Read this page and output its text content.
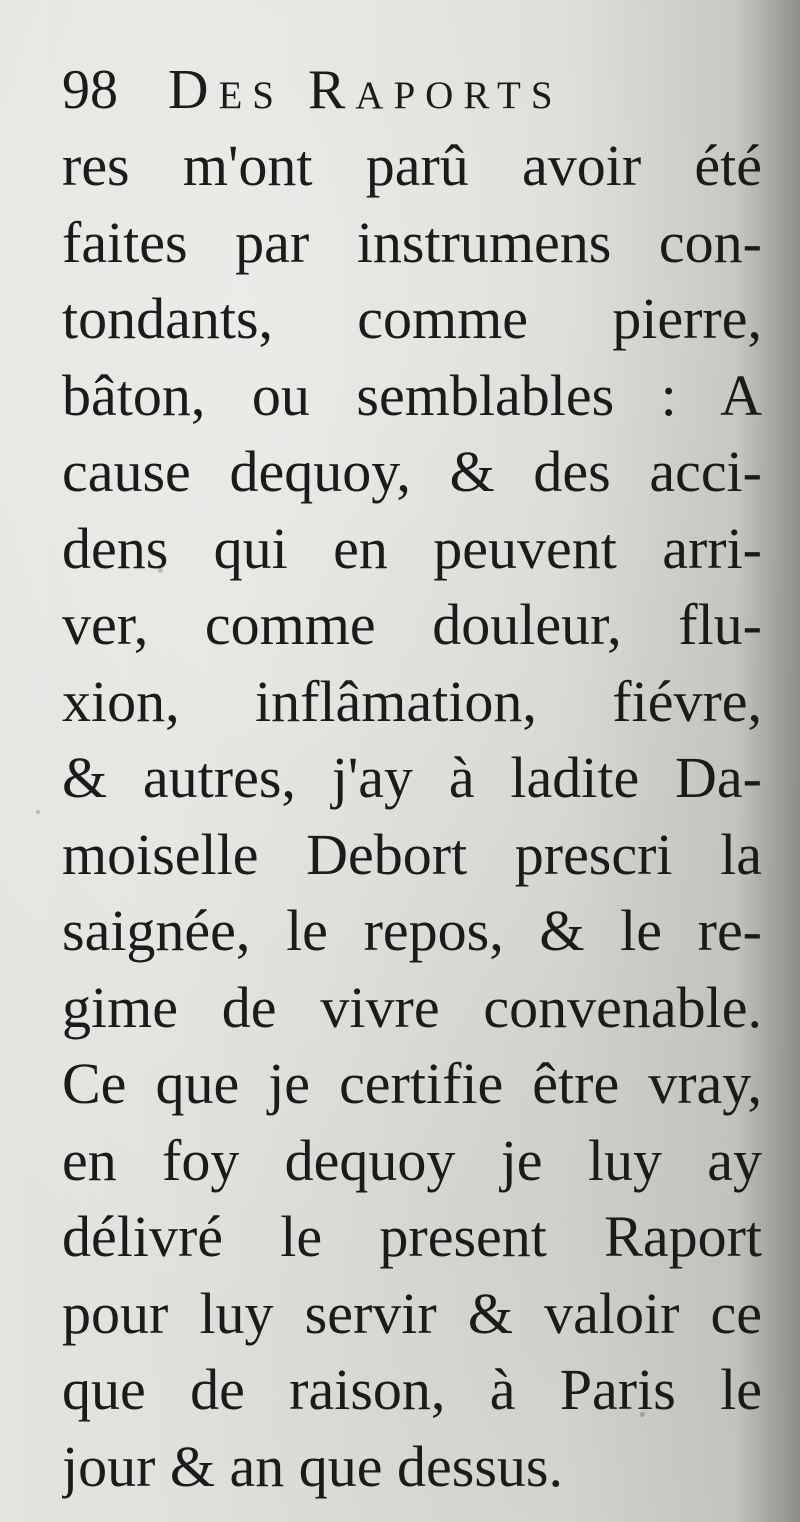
98 Des Raports
res m'ont parû avoir été
faites par instrumens con-
tondants, comme pierre,
bâton, ou semblables : A
cause dequoy, & des acci-
dens qui en peuvent arri-
ver, comme douleur, flu-
xion, inflâmation, fiévre,
& autres, j'ay à ladite Da-
moiselle Debort prescri la
saignée, le repos, & le re-
gime de vivre convenable.
Ce que je certifie être vray,
en foy dequoy je luy ay
délivré le present Raport
pour luy servir & valoir ce
que de raison, à Paris le
jour & an que dessus.
